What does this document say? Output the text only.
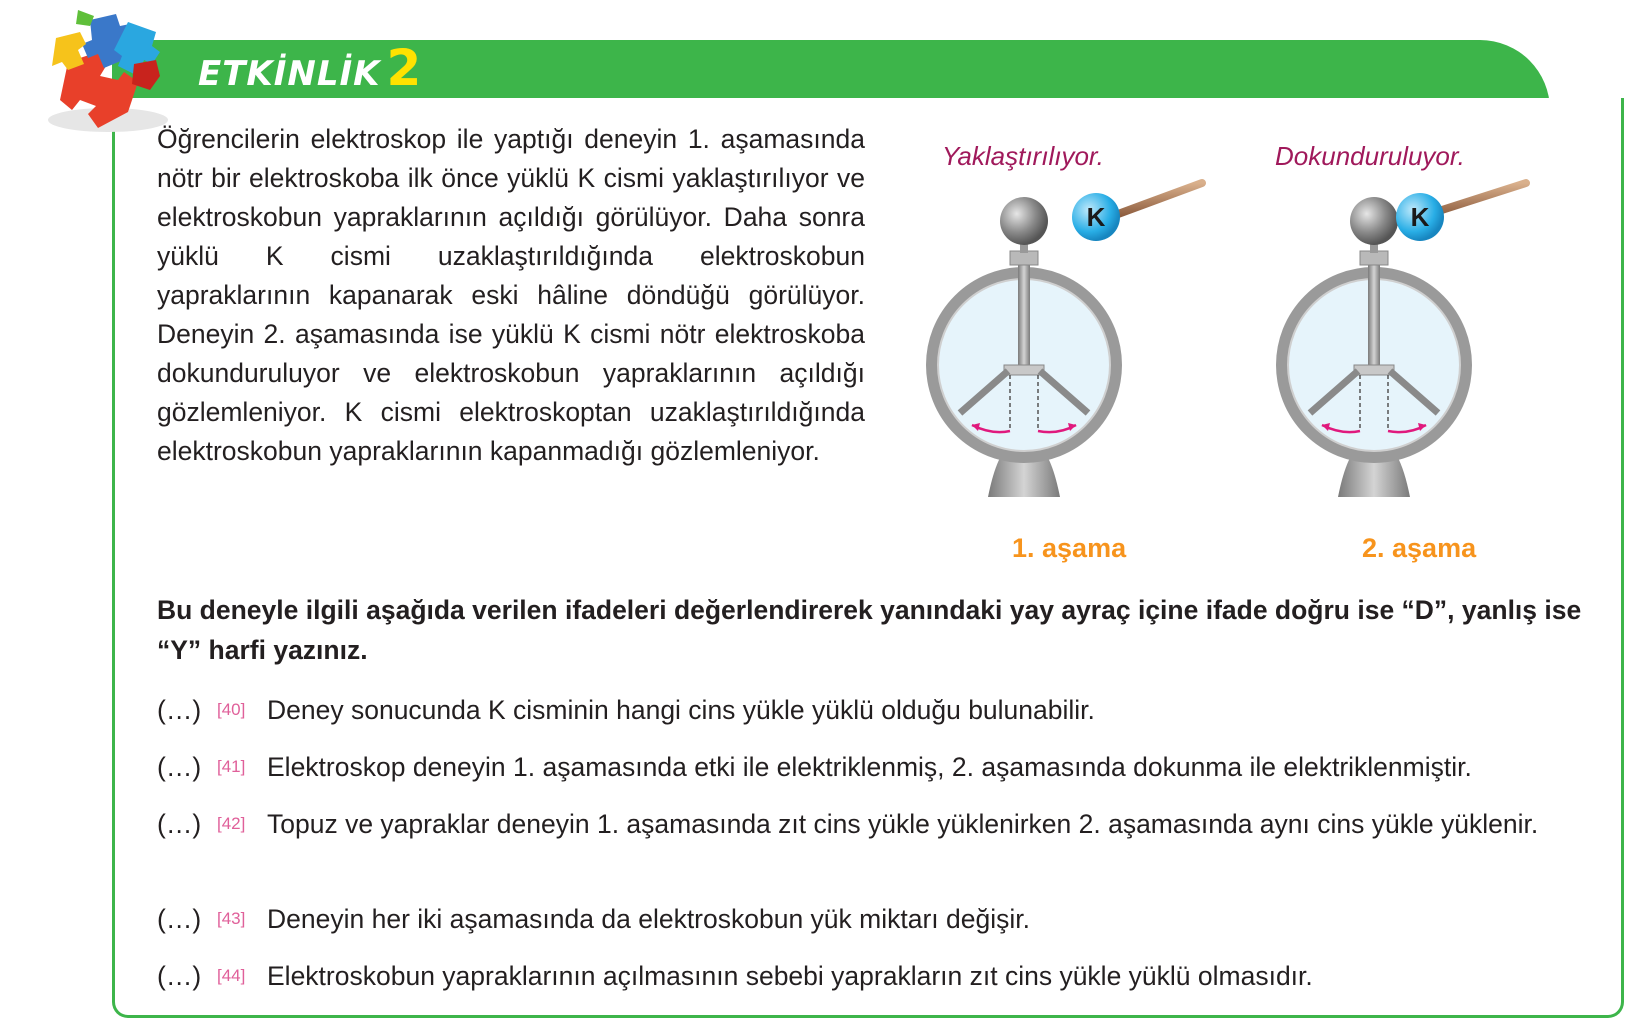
ETKİNLİK 2
Öğrencilerin elektroskop ile yaptığı deneyin 1. aşamasında nötr bir elektroskoba ilk önce yüklü K cismi yaklaştırılıyor ve elektroskobun yapraklarının açıldığı görülüyor. Daha sonra yüklü K cismi uzaklaştırıldığında elektroskobun yapraklarının kapanarak eski hâline döndüğü görülüyor. Deneyin 2. aşamasında ise yüklü K cismi nötr elektroskoba dokunduruluyor ve elektroskobun yapraklarının açıldığı gözlemleniyor. K cismi elektroskoptan uzaklaştırıldığında elektroskobun yapraklarının kapanmadığı gözlemleniyor.
Yaklaştırılıyor.	Dokunduruluyor.
K	K
1. aşama	2. aşama
Bu deneyle ilgili aşağıda verilen ifadeleri değerlendirerek yanındaki yay ayraç içine ifade doğru ise “D”, yanlış ise “Y” harfi yazınız.
(…) [40] Deney sonucunda K cisminin hangi cins yükle yüklü olduğu bulunabilir.
(…) [41] Elektroskop deneyin 1. aşamasında etki ile elektriklenmiş, 2. aşamasında dokunma ile elektriklenmiştir.
(…) [42] Topuz ve yapraklar deneyin 1. aşamasında zıt cins yükle yüklenirken 2. aşamasında aynı cins yükle yüklenir.
(…) [43] Deneyin her iki aşamasında da elektroskobun yük miktarı değişir.
(…) [44] Elektroskobun yapraklarının açılmasının sebebi yaprakların zıt cins yükle yüklü olmasıdır.
